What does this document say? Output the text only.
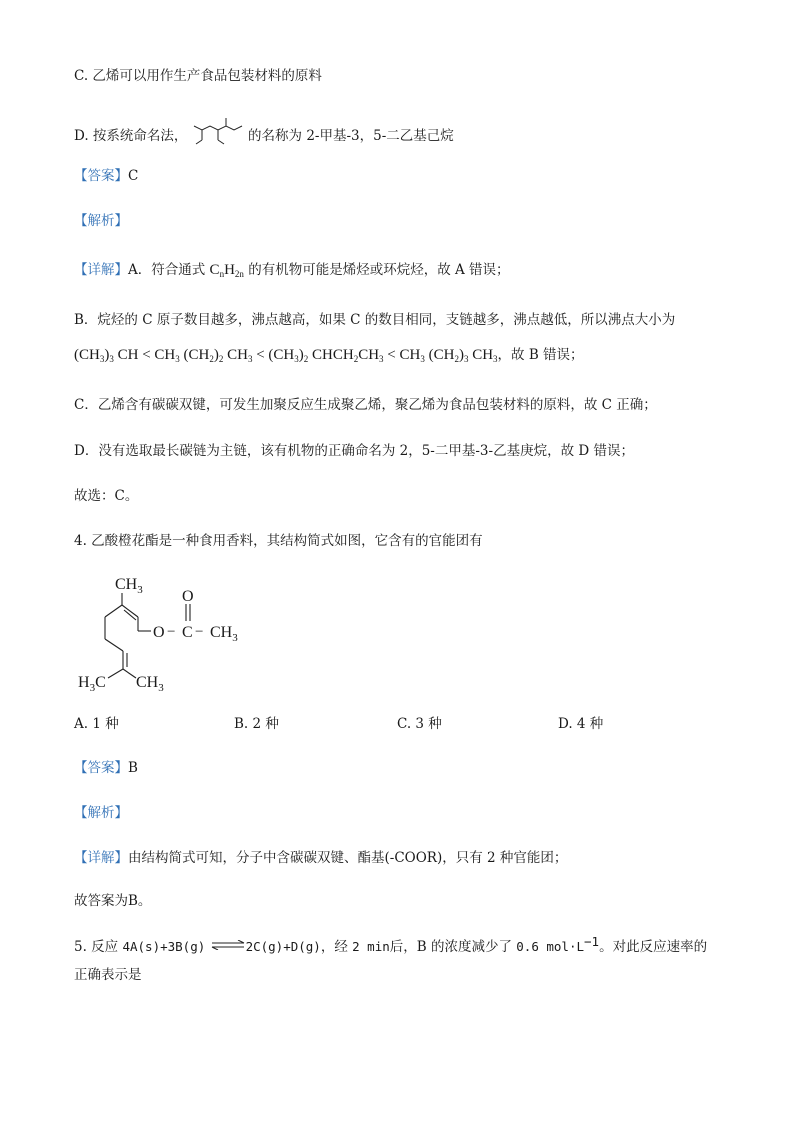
C. 乙烯可以用作生产食品包装材料的原料
D. 按系统命名法，	的名称为 2-甲基-3，5-二乙基己烷
【答案】C
【解析】
【详解】A．符合通式 $C_nH_{2n}$ 的有机物可能是烯烃或环烷烃，故 A 错误；
B．烷烃的 C 原子数目越多，沸点越高，如果 C 的数目相同，支链越多，沸点越低，所以沸点大小为
$(CH_3)_3$ CH < $CH_3$ $(CH_2)_2$ $CH_3 < (CH_3)_2$ $CHCH_2CH_3 < CH_3$ $(CH_2)_3$ $CH_3$，故 B 错误；
C．乙烯含有碳碳双键，可发生加聚反应生成聚乙烯，聚乙烯为食品包装材料的原料，故 C 正确；
D．没有选取最长碳链为主链，该有机物的正确命名为 2，5-二甲基-3-乙基庚烷，故 D 错误；
故选：C。
4. 乙酸橙花酯是一种食用香料，其结构简式如图，它含有的官能团有
$CH_3$ O
$O - C - CH_3$
$H_3C$ $CH_3$
A. 1 种	B. 2 种	C. 3 种	D. 4 种
【答案】B
【解析】
【详解】由结构简式可知，分子中含碳碳双键、酯基(-COOR)，只有 2 种官能团；
故答案为B。
5. 反应 4A(s)+3B(g) ⇌2C(g)+D(g)，经 2 min后，B 的浓度减少了 0.6 $mol\cdot L^{-1}$。对此反应速率的
正确表示是
